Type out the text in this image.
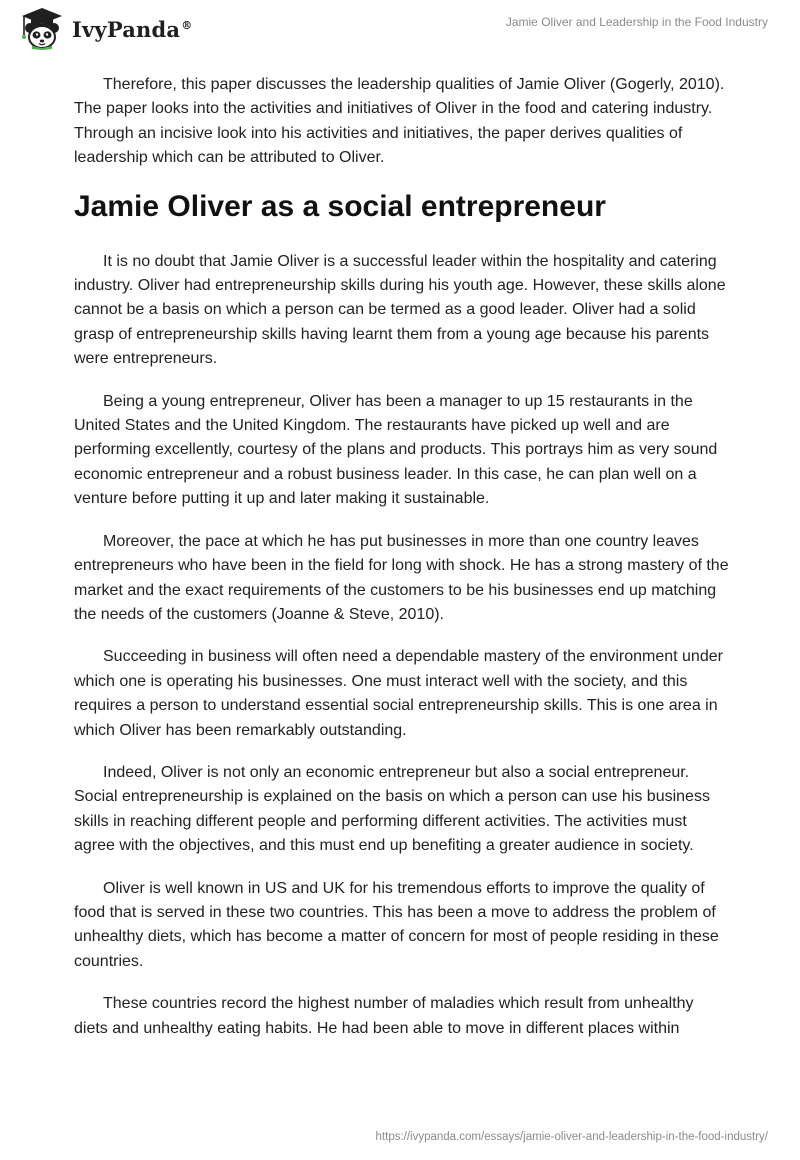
IvyPanda®	Jamie Oliver and Leadership in the Food Industry

Therefore, this paper discusses the leadership qualities of Jamie Oliver (Gogerly, 2010). The paper looks into the activities and initiatives of Oliver in the food and catering industry. Through an incisive look into his activities and initiatives, the paper derives qualities of leadership which can be attributed to Oliver.

Jamie Oliver as a social entrepreneur

It is no doubt that Jamie Oliver is a successful leader within the hospitality and catering industry. Oliver had entrepreneurship skills during his youth age. However, these skills alone cannot be a basis on which a person can be termed as a good leader. Oliver had a solid grasp of entrepreneurship skills having learnt them from a young age because his parents were entrepreneurs.

Being a young entrepreneur, Oliver has been a manager to up 15 restaurants in the United States and the United Kingdom. The restaurants have picked up well and are performing excellently, courtesy of the plans and products. This portrays him as very sound economic entrepreneur and a robust business leader. In this case, he can plan well on a venture before putting it up and later making it sustainable.

Moreover, the pace at which he has put businesses in more than one country leaves entrepreneurs who have been in the field for long with shock. He has a strong mastery of the market and the exact requirements of the customers to be his businesses end up matching the needs of the customers (Joanne & Steve, 2010).

Succeeding in business will often need a dependable mastery of the environment under which one is operating his businesses. One must interact well with the society, and this requires a person to understand essential social entrepreneurship skills. This is one area in which Oliver has been remarkably outstanding.

Indeed, Oliver is not only an economic entrepreneur but also a social entrepreneur. Social entrepreneurship is explained on the basis on which a person can use his business skills in reaching different people and performing different activities. The activities must agree with the objectives, and this must end up benefiting a greater audience in society.

Oliver is well known in US and UK for his tremendous efforts to improve the quality of food that is served in these two countries. This has been a move to address the problem of unhealthy diets, which has become a matter of concern for most of people residing in these countries.

These countries record the highest number of maladies which result from unhealthy diets and unhealthy eating habits. He had been able to move in different places within

https://ivypanda.com/essays/jamie-oliver-and-leadership-in-the-food-industry/
